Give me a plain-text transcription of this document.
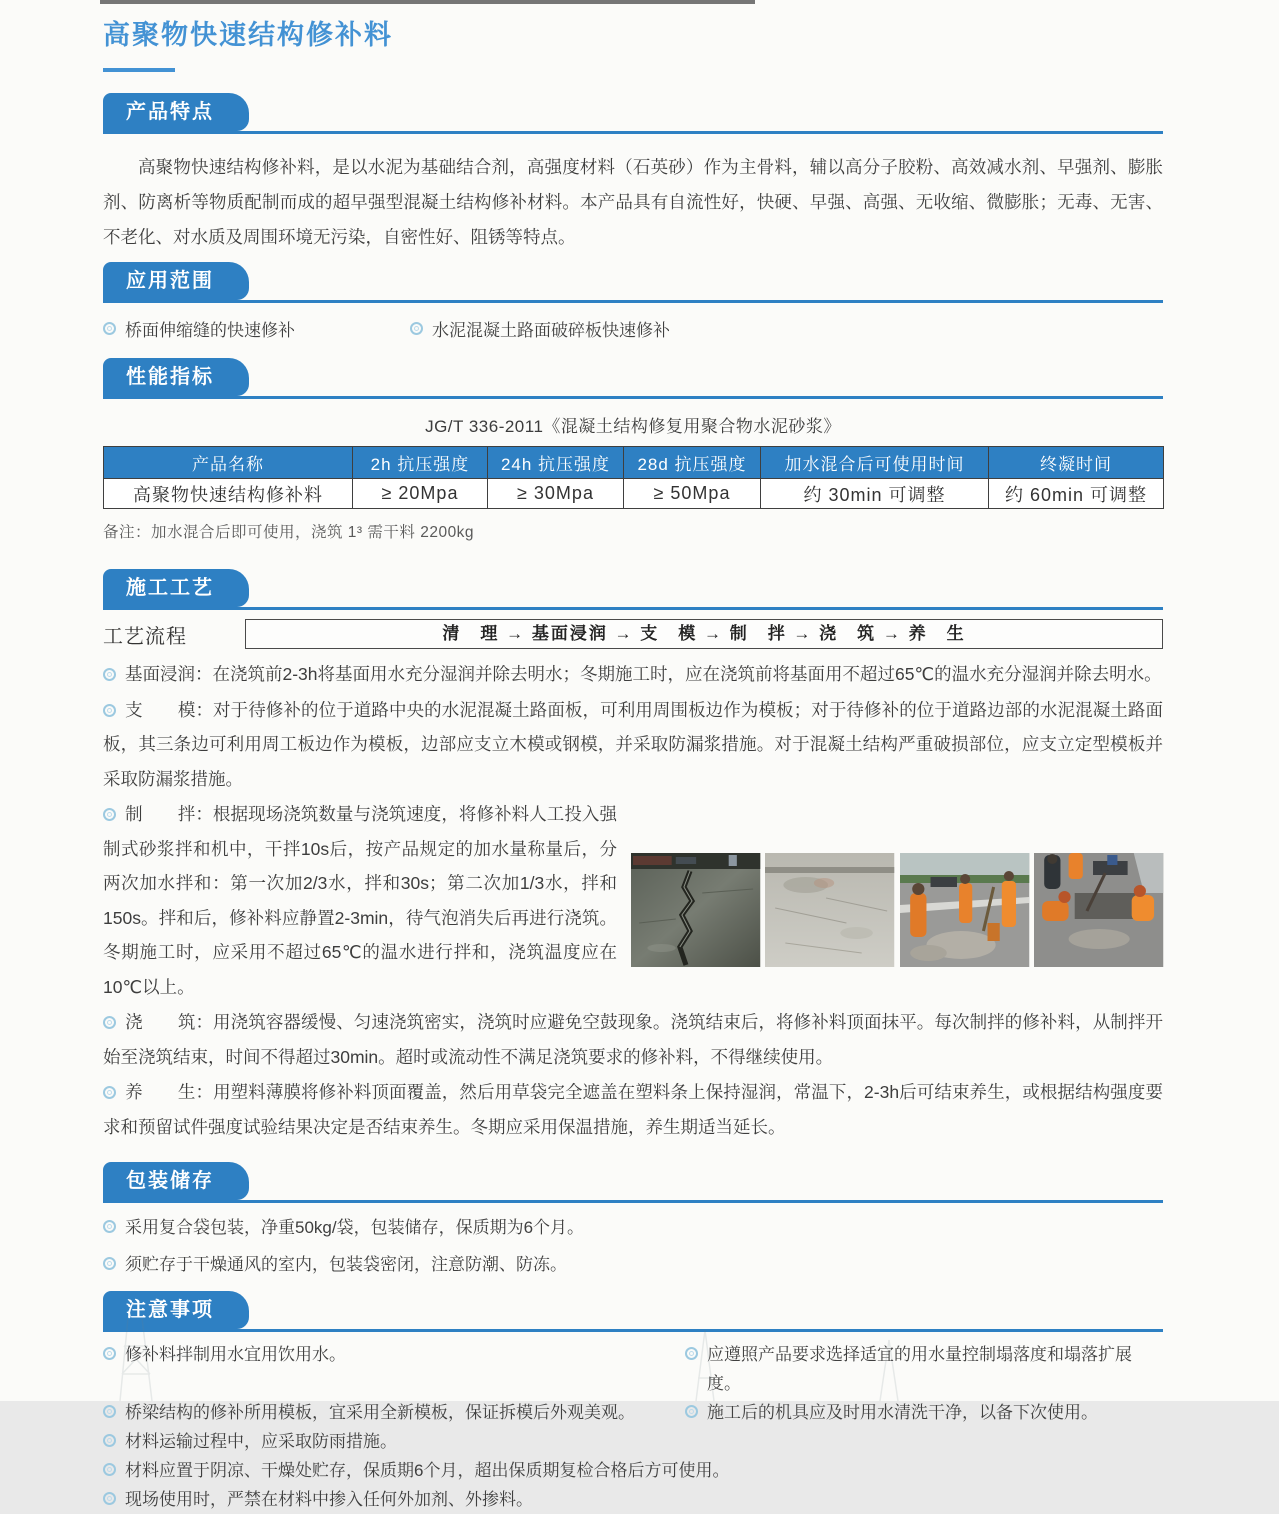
高聚物快速结构修补料
产品特点

高聚物快速结构修补料，是以水泥为基础结合剂，高强度材料（石英砂）作为主骨料，辅以高分子胶粉、高效减水剂、早强剂、膨胀剂、防离析等物质配制而成的超早强型混凝土结构修补材料。本产品具有自流性好，快硬、早强、高强、无收缩、微膨胀；无毒、无害、不老化、对水质及周围环境无污染，自密性好、阻锈等特点。

应用范围
桥面伸缩缝的快速修补	水泥混凝土路面破碎板快速修补
性能指标
JG/T 336-2011《混凝土结构修复用聚合物水泥砂浆》
产品名称	2h 抗压强度	24h 抗压强度	28d 抗压强度	加水混合后可使用时间	终凝时间
高聚物快速结构修补料	≥ 20Mpa	≥ 30Mpa	≥ 50Mpa	约 30min 可调整	约 60min 可调整
备注：加水混合后即可使用，浇筑 1³ 需干料 2200kg
施工工艺
工艺流程	清　理 → 基面浸润 → 支　模 → 制　拌 → 浇　筑 → 养　生

基面浸润：在浇筑前2-3h将基面用水充分湿润并除去明水；冬期施工时，应在浇筑前将基面用不超过65℃的温水充分湿润并除去明水。

支　　模：对于待修补的位于道路中央的水泥混凝土路面板，可利用周围板边作为模板；对于待修补的位于道路边部的水泥混凝土路面板，其三条边可利用周工板边作为模板，边部应支立木模或钢模，并采取防漏浆措施。对于混凝土结构严重破损部位，应支立定型模板并采取防漏浆措施。

制　　拌：根据现场浇筑数量与浇筑速度，将修补料人工投入强制式砂浆拌和机中，干拌10s后，按产品规定的加水量称量后，分两次加水拌和：第一次加2/3水，拌和30s；第二次加1/3水，拌和150s。拌和后，修补料应静置2-3min，待气泡消失后再进行浇筑。冬期施工时，应采用不超过65℃的温水进行拌和，浇筑温度应在10℃以上。

浇　　筑：用浇筑容器缓慢、匀速浇筑密实，浇筑时应避免空鼓现象。浇筑结束后，将修补料顶面抹平。每次制拌的修补料，从制拌开始至浇筑结束，时间不得超过30min。超时或流动性不满足浇筑要求的修补料，不得继续使用。

养　　生：用塑料薄膜将修补料顶面覆盖，然后用草袋完全遮盖在塑料条上保持湿润，常温下，2-3h后可结束养生，或根据结构强度要求和预留试件强度试验结果决定是否结束养生。冬期应采用保温措施，养生期适当延长。

包装储存
采用复合袋包装，净重50kg/袋，包装储存，保质期为6个月。
须贮存于干燥通风的室内，包装袋密闭，注意防潮、防冻。
注意事项
修补料拌制用水宜用饮用水。	应遵照产品要求选择适宜的用水量控制塌落度和塌落扩展度。
桥梁结构的修补所用模板，宜采用全新模板，保证拆模后外观美观。	施工后的机具应及时用水清洗干净，以备下次使用。
材料运输过程中，应采取防雨措施。
材料应置于阴凉、干燥处贮存，保质期6个月，超出保质期复检合格后方可使用。
现场使用时，严禁在材料中掺入任何外加剂、外掺料。
